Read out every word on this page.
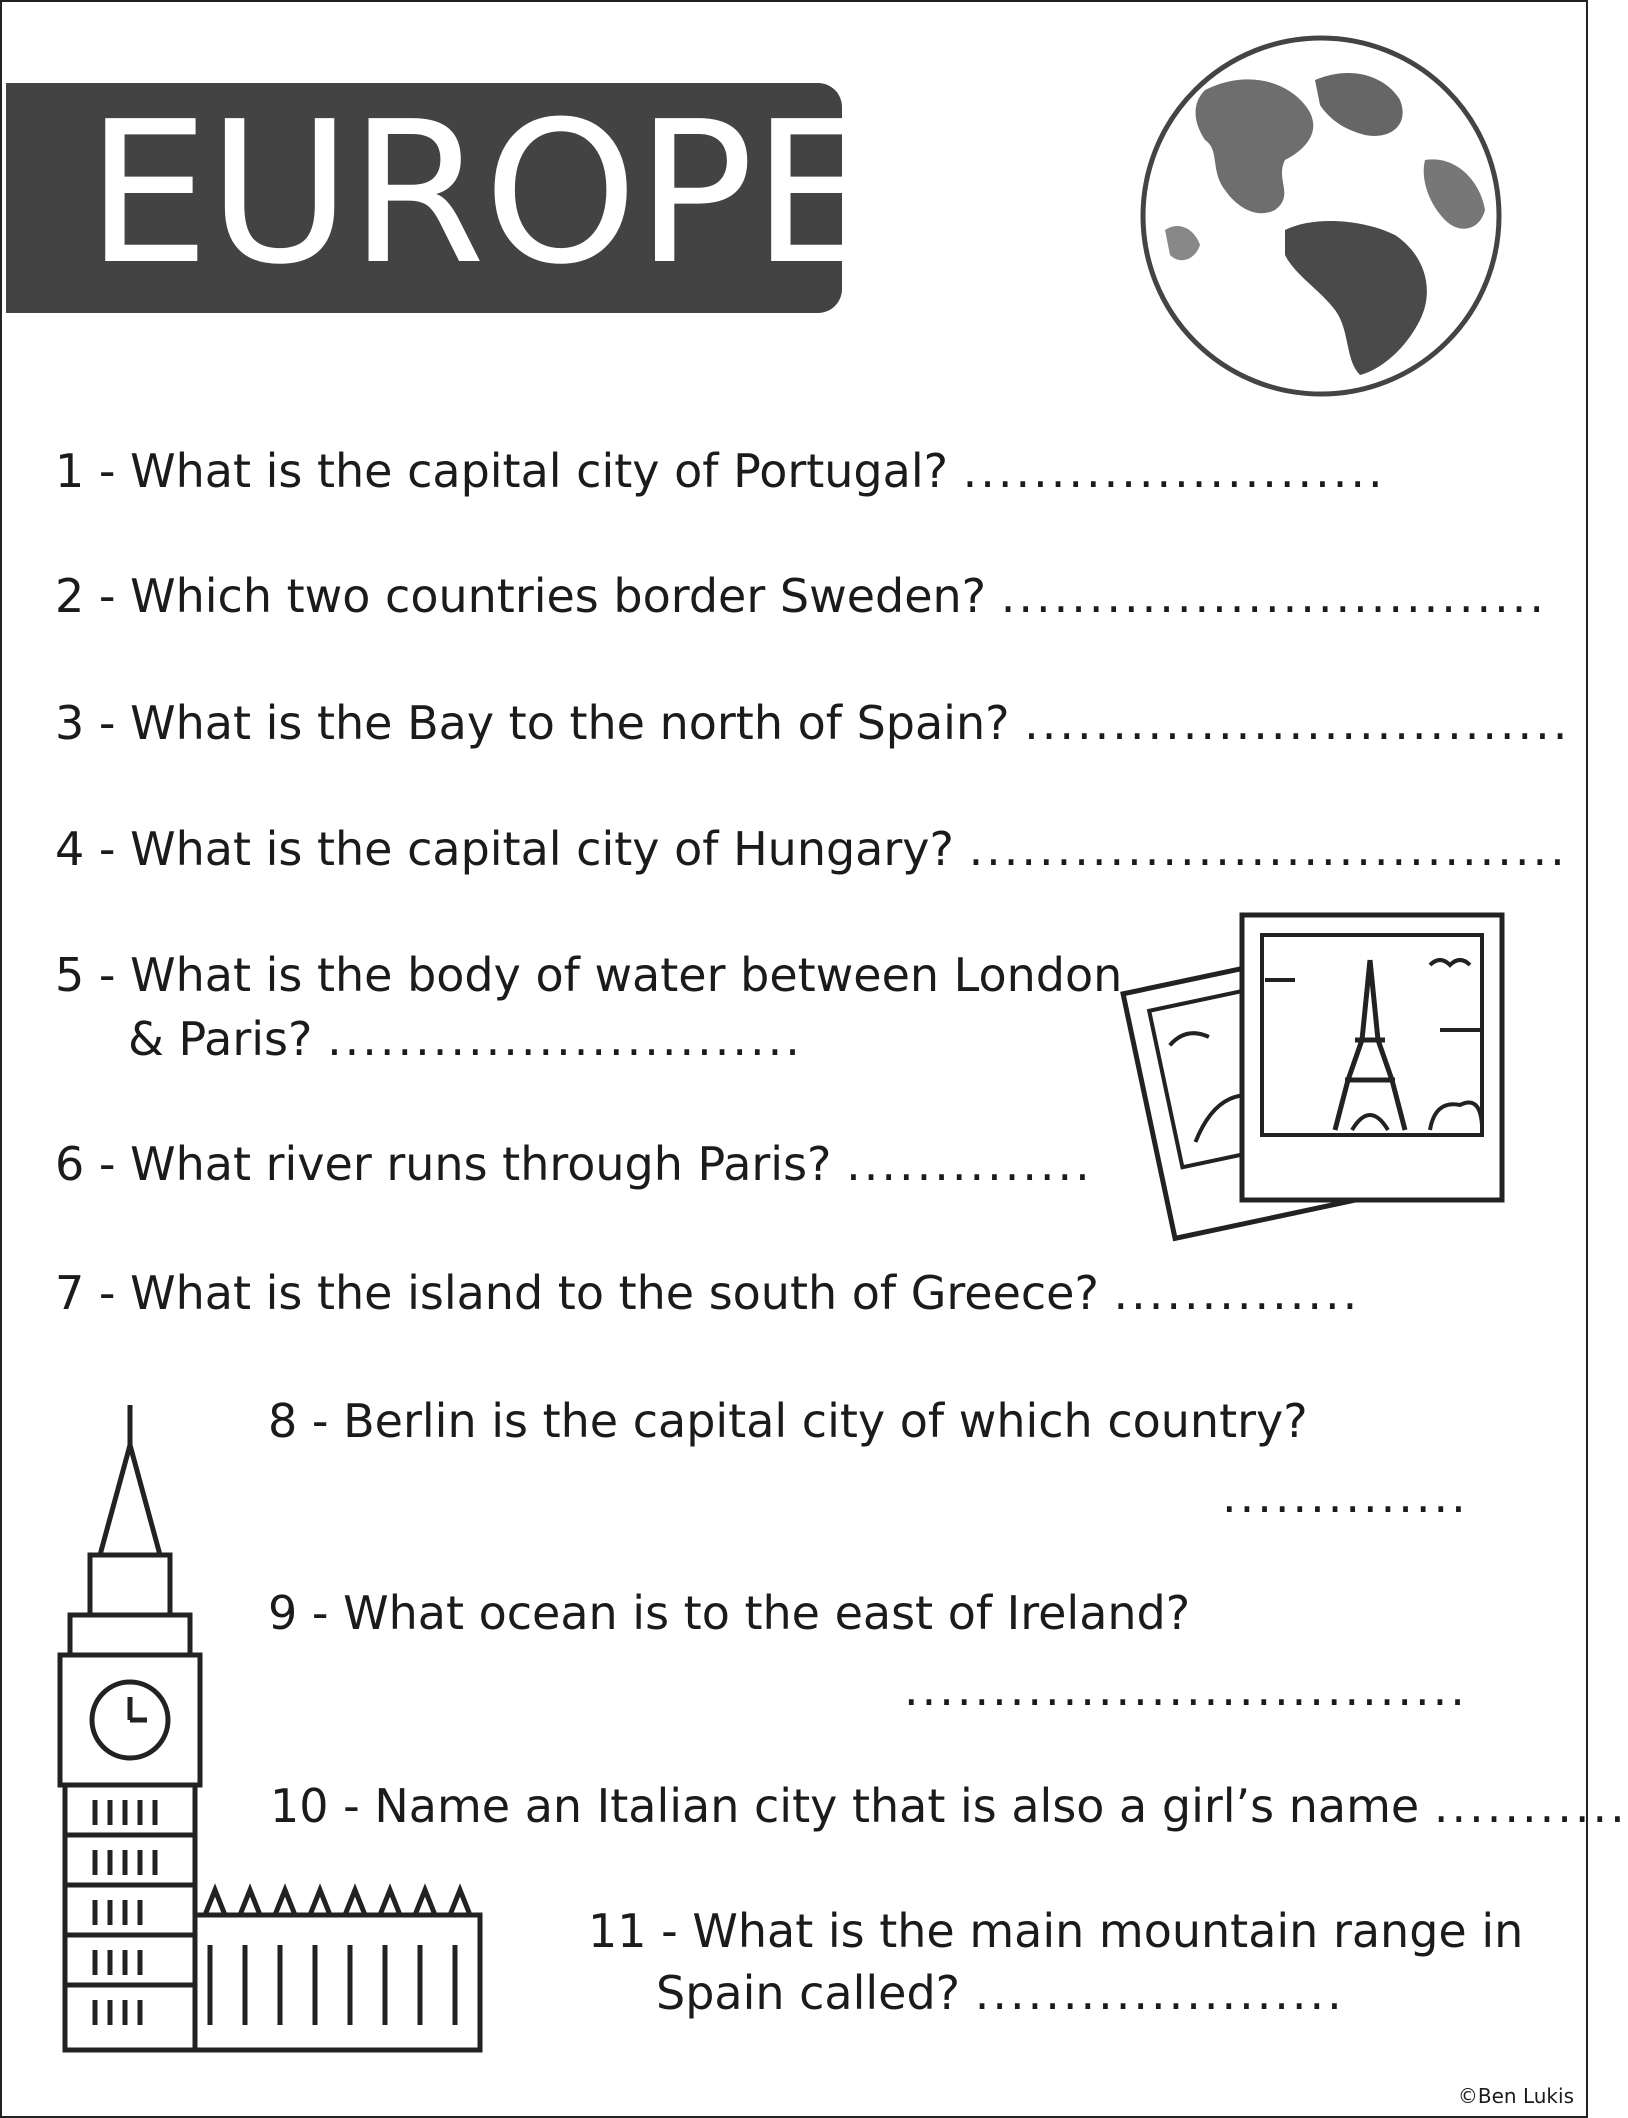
EUROPE
1 - What is the capital city of Portugal? ........................
2 - Which two countries border Sweden? ...............................
3 - What is the Bay to the north of Spain? ...............................
4 - What is the capital city of Hungary? ..................................
5 - What is the body of water between London
& Paris? ...........................
6 - What river runs through Paris? ..............
7 - What is the island to the south of Greece? ..............
8 - Berlin is the capital city of which country?
..............
9 - What ocean is to the east of Ireland?
................................
10 - Name an Italian city that is also a girl’s name ...........
11 - What is the main mountain range in
Spain called? .....................
©Ben Lukis
